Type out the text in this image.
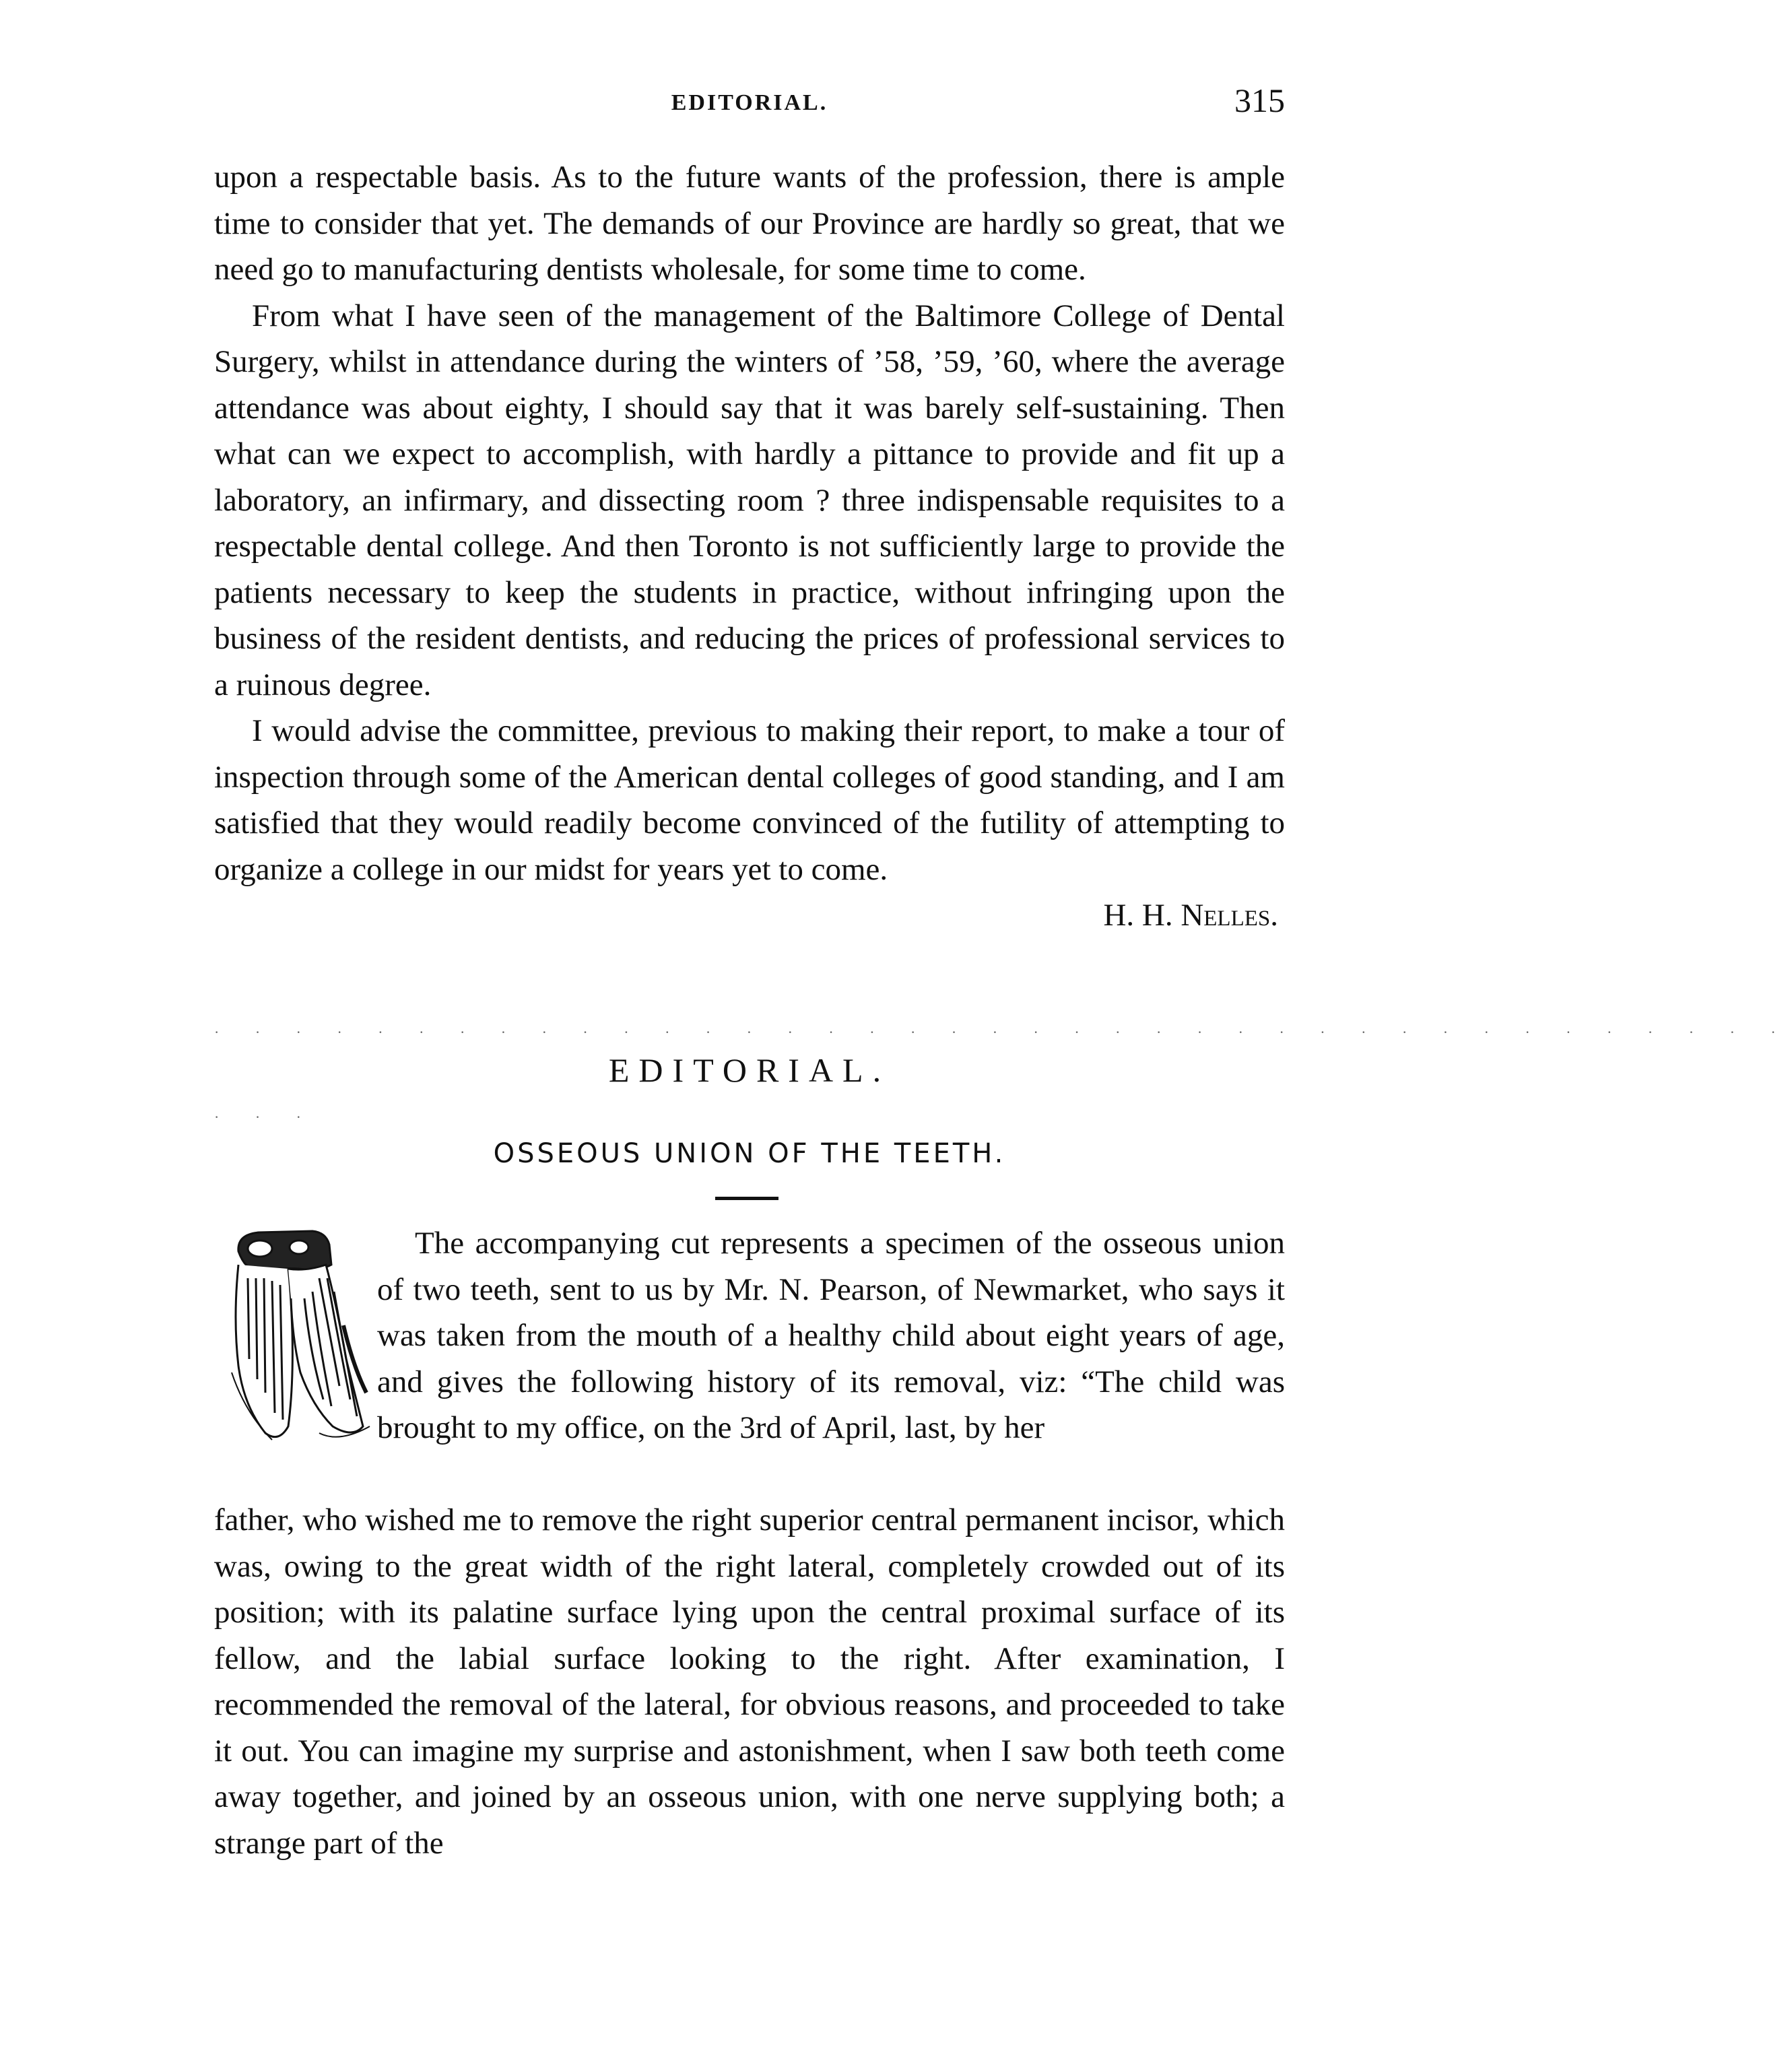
EDITORIAL.	315

upon a respectable basis. As to the future wants of the profession, there is ample time to consider that yet. The demands of our Province are hardly so great, that we need go to manufacturing dentists wholesale, for some time to come.

From what I have seen of the management of the Baltimore College of Dental Surgery, whilst in attendance during the winters of ’58, ’59, ’60, where the average attendance was about eighty, I should say that it was barely self-sustaining. Then what can we expect to accomplish, with hardly a pittance to provide and fit up a laboratory, an infirmary, and dissecting room ? three indispensable requisites to a respectable dental college. And then Toronto is not sufficiently large to provide the patients necessary to keep the students in practice, without infringing upon the business of the resident dentists, and reducing the prices of professional services to a ruinous degree.

I would advise the committee, previous to making their report, to make a tour of inspection through some of the American dental colleges of good standing, and I am satisfied that they would readily become convinced of the futility of attempting to organize a college in our midst for years yet to come.

H. H. Nelles.
· · · · · · · · · · · · · · · · · · · · · · · · · · · · · · · · · · · · · · ·
EDITORIAL.
· · ·
OSSEOUS UNION OF THE TEETH.

The accompanying cut represents a specimen of the osseous union of two teeth, sent to us by Mr. N. Pearson, of Newmarket, who says it was taken from the mouth of a healthy child about eight years of age, and gives the following history of its removal, viz: “The child was brought to my office, on the 3rd of April, last, by her

father, who wished me to remove the right superior central permanent incisor, which was, owing to the great width of the right lateral, completely crowded out of its position; with its palatine surface lying upon the central proximal surface of its fellow, and the labial surface looking to the right. After examination, I recommended the removal of the lateral, for obvious reasons, and proceeded to take it out. You can imagine my surprise and astonishment, when I saw both teeth come away together, and joined by an osseous union, with one nerve supplying both; a strange part of the
